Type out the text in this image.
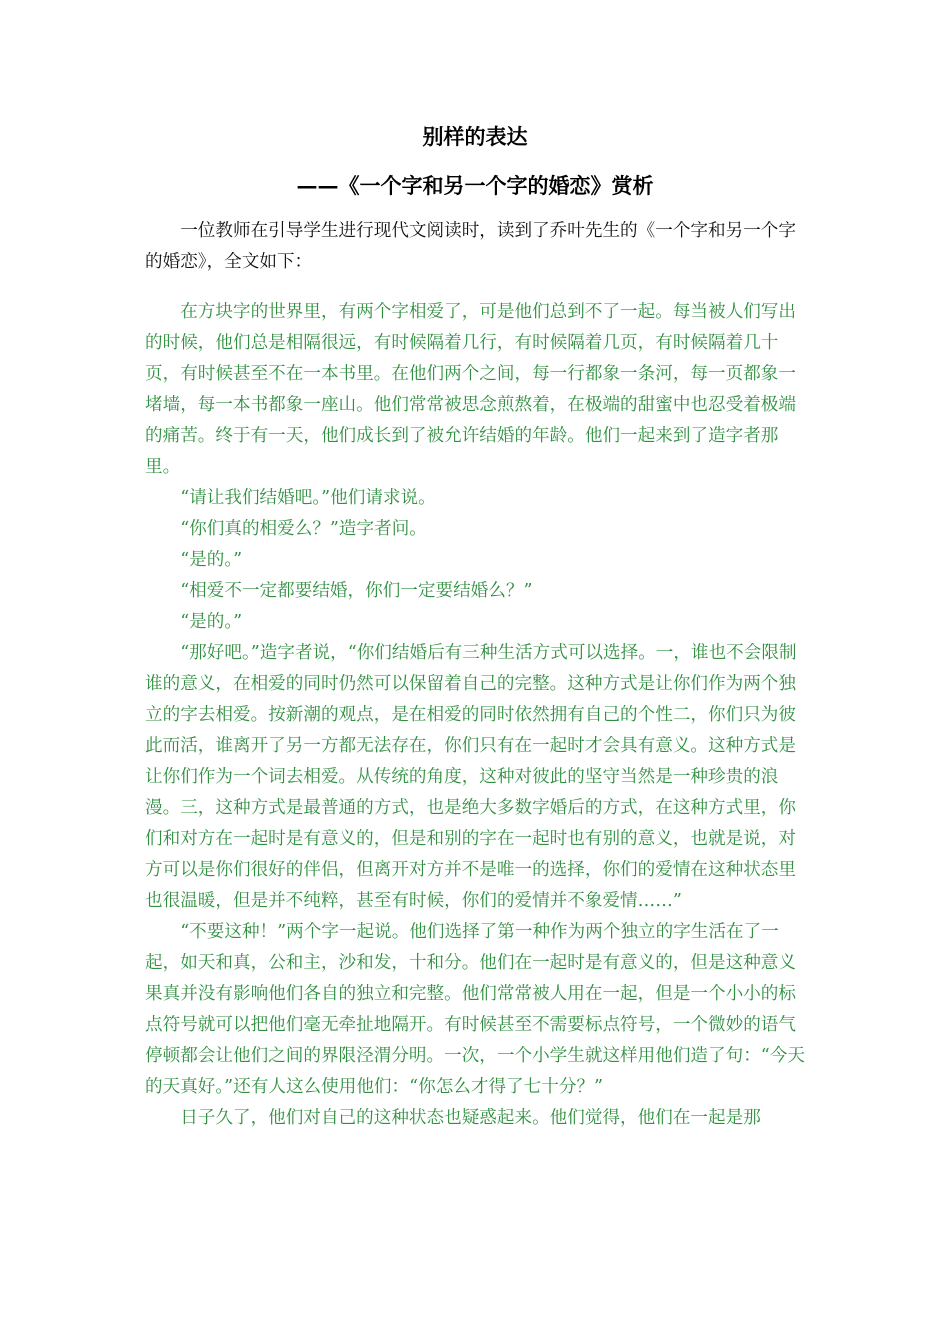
别样的表达
——《一个字和另一个字的婚恋》赏析

一位教师在引导学生进行现代文阅读时，读到了乔叶先生的《一个字和另一个字的婚恋》，全文如下：

在方块字的世界里，有两个字相爱了，可是他们总到不了一起。每当被人们写出的时候，他们总是相隔很远，有时候隔着几行，有时候隔着几页，有时候隔着几十页，有时候甚至不在一本书里。在他们两个之间，每一行都象一条河，每一页都象一堵墙，每一本书都象一座山。他们常常被思念煎熬着，在极端的甜蜜中也忍受着极端的痛苦。终于有一天，他们成长到了被允许结婚的年龄。他们一起来到了造字者那里。

“请让我们结婚吧。”他们请求说。

“你们真的相爱么？”造字者问。

“是的。”

“相爱不一定都要结婚，你们一定要结婚么？”

“是的。”

“那好吧。”造字者说，“你们结婚后有三种生活方式可以选择。一，谁也不会限制谁的意义，在相爱的同时仍然可以保留着自己的完整。这种方式是让你们作为两个独立的字去相爱。按新潮的观点，是在相爱的同时依然拥有自己的个性二，你们只为彼此而活，谁离开了另一方都无法存在，你们只有在一起时才会具有意义。这种方式是让你们作为一个词去相爱。从传统的角度，这种对彼此的坚守当然是一种珍贵的浪漫。三，这种方式是最普通的方式，也是绝大多数字婚后的方式，在这种方式里，你们和对方在一起时是有意义的，但是和别的字在一起时也有别的意义，也就是说，对方可以是你们很好的伴侣，但离开对方并不是唯一的选择，你们的爱情在这种状态里也很温暖，但是并不纯粹，甚至有时候，你们的爱情并不象爱情……”

“不要这种！”两个字一起说。他们选择了第一种作为两个独立的字生活在了一起，如天和真，公和主，沙和发，十和分。他们在一起时是有意义的，但是这种意义果真并没有影响他们各自的独立和完整。他们常常被人用在一起，但是一个小小的标点符号就可以把他们毫无牵扯地隔开。有时候甚至不需要标点符号，一个微妙的语气停顿都会让他们之间的界限泾渭分明。一次，一个小学生就这样用他们造了句：“今天的天真好。”还有人这么使用他们：“你怎么才得了七十分？”

日子久了，他们对自己的这种状态也疑惑起来。他们觉得，他们在一起是那
